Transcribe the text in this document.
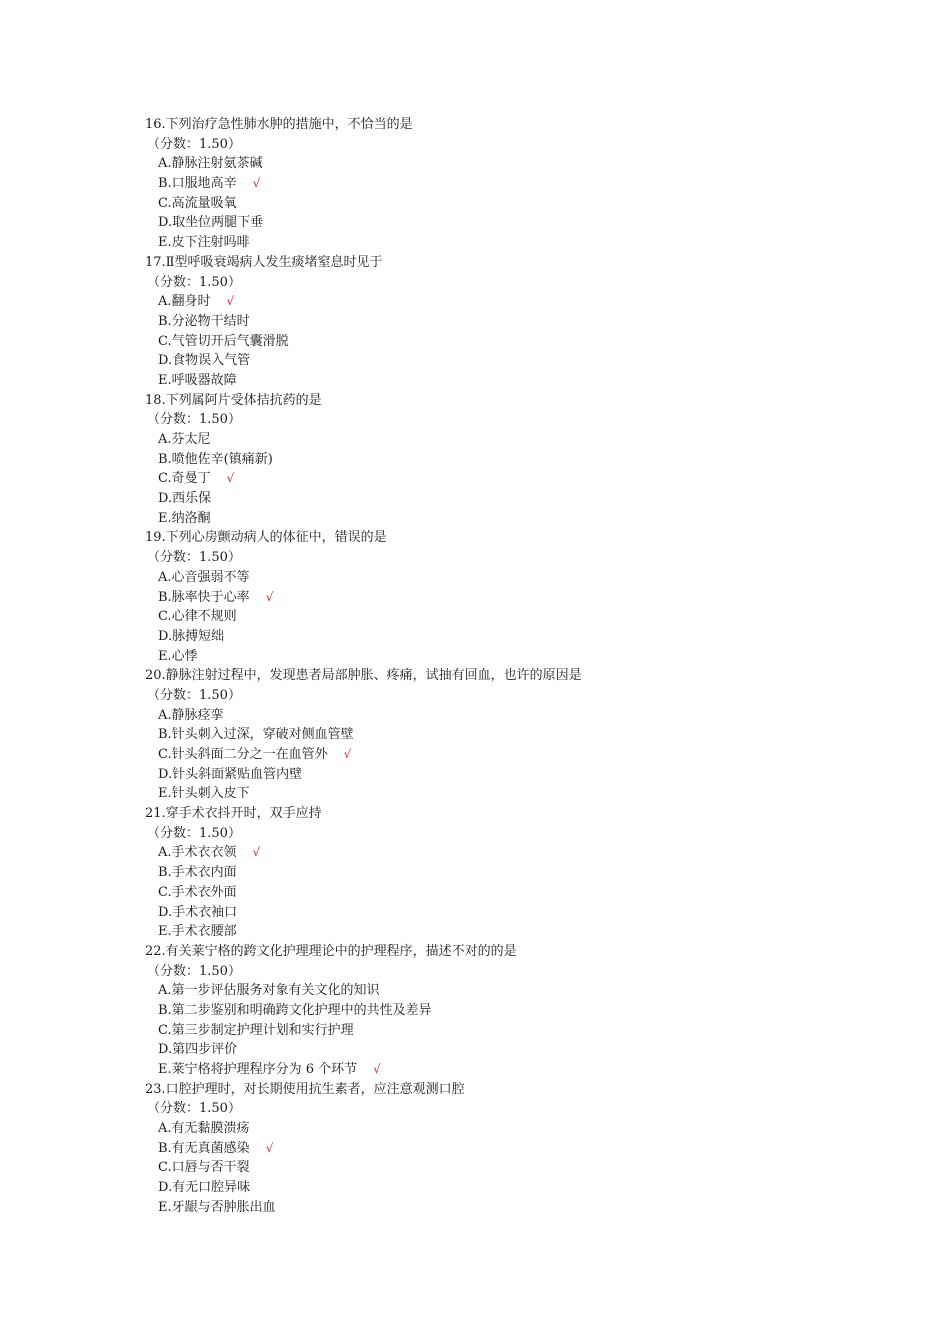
16.下列治疗急性肺水肿的措施中，不恰当的是
（分数：1.50）
A.静脉注射氨茶碱
B.口服地高辛 √
C.高流量吸氧
D.取坐位两腿下垂
E.皮下注射吗啡
17.Ⅱ型呼吸衰竭病人发生痰堵窒息时见于
（分数：1.50）
A.翻身时 √
B.分泌物干结时
C.气管切开后气囊滑脱
D.食物误入气管
E.呼吸器故障
18.下列属阿片受体拮抗药的是
（分数：1.50）
A.芬太尼
B.喷他佐辛(镇痛新)
C.奇曼丁 √
D.西乐保
E.纳洛酮
19.下列心房颤动病人的体征中，错误的是
（分数：1.50）
A.心音强弱不等
B.脉率快于心率 √
C.心律不规则
D.脉搏短绌
E.心悸
20.静脉注射过程中，发现患者局部肿胀、疼痛，试抽有回血，也许的原因是
（分数：1.50）
A.静脉痉挛
B.针头刺入过深，穿破对侧血管壁
C.针头斜面二分之一在血管外 √
D.针头斜面紧贴血管内壁
E.针头刺入皮下
21.穿手术衣抖开时，双手应持
（分数：1.50）
A.手术衣衣领 √
B.手术衣内面
C.手术衣外面
D.手术衣袖口
E.手术衣腰部
22.有关莱宁格的跨文化护理理论中的护理程序，描述不对的的是
（分数：1.50）
A.第一步评估服务对象有关文化的知识
B.第二步鉴别和明确跨文化护理中的共性及差异
C.第三步制定护理计划和实行护理
D.第四步评价
E.莱宁格将护理程序分为 6 个环节 √
23.口腔护理时，对长期使用抗生素者，应注意观测口腔
（分数：1.50）
A.有无黏膜溃疡
B.有无真菌感染 √
C.口唇与否干裂
D.有无口腔异味
E.牙龈与否肿胀出血
